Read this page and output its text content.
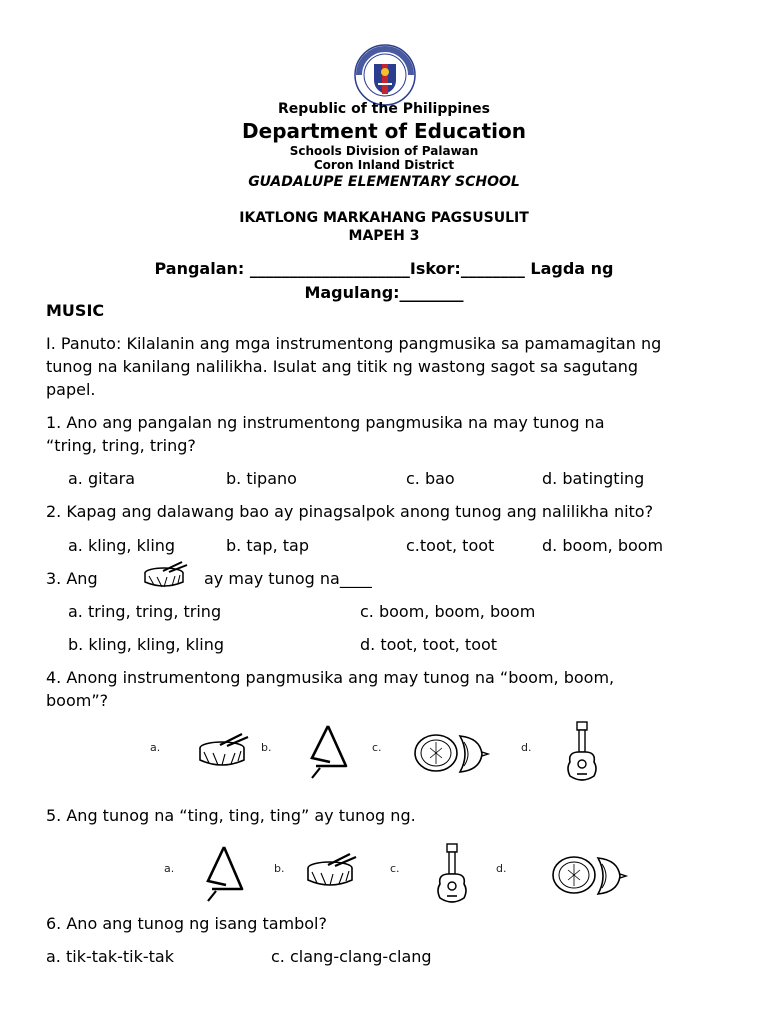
Republic of the Philippines
Department of Education
Schools Division of Palawan
Coron Inland District
GUADALUPE ELEMENTARY SCHOOL
IKATLONG MARKAHANG PAGSUSULIT
MAPEH 3
Pangalan: ____________________Iskor:________ Lagda ng
Magulang:________
MUSIC
I. Panuto: Kilalanin ang mga instrumentong pangmusika sa pamamagitan ng
tunog na kanilang nalilikha. Isulat ang titik ng wastong sagot sa sagutang
papel.
1. Ano ang pangalan ng instrumentong pangmusika na may tunog na
“tring, tring, tring?
a. gitara	b. tipano	c. bao	d. batingting
2. Kapag ang dalawang bao ay pinagsalpok anong tunog ang nalilikha nito?
a. kling, kling	b. tap, tap	c.toot, toot	d. boom, boom
3. Ang	ay may tunog na____
a. tring, tring, tring	c. boom, boom, boom
b. kling, kling, kling	d. toot, toot, toot
4. Anong instrumentong pangmusika ang may tunog na “boom, boom,
boom”?
a.	b.	c.	d.
5. Ang tunog na “ting, ting, ting” ay tunog ng.
a.	b.	c.	d.
6. Ano ang tunog ng isang tambol?
a. tik-tak-tik-tak	c. clang-clang-clang
